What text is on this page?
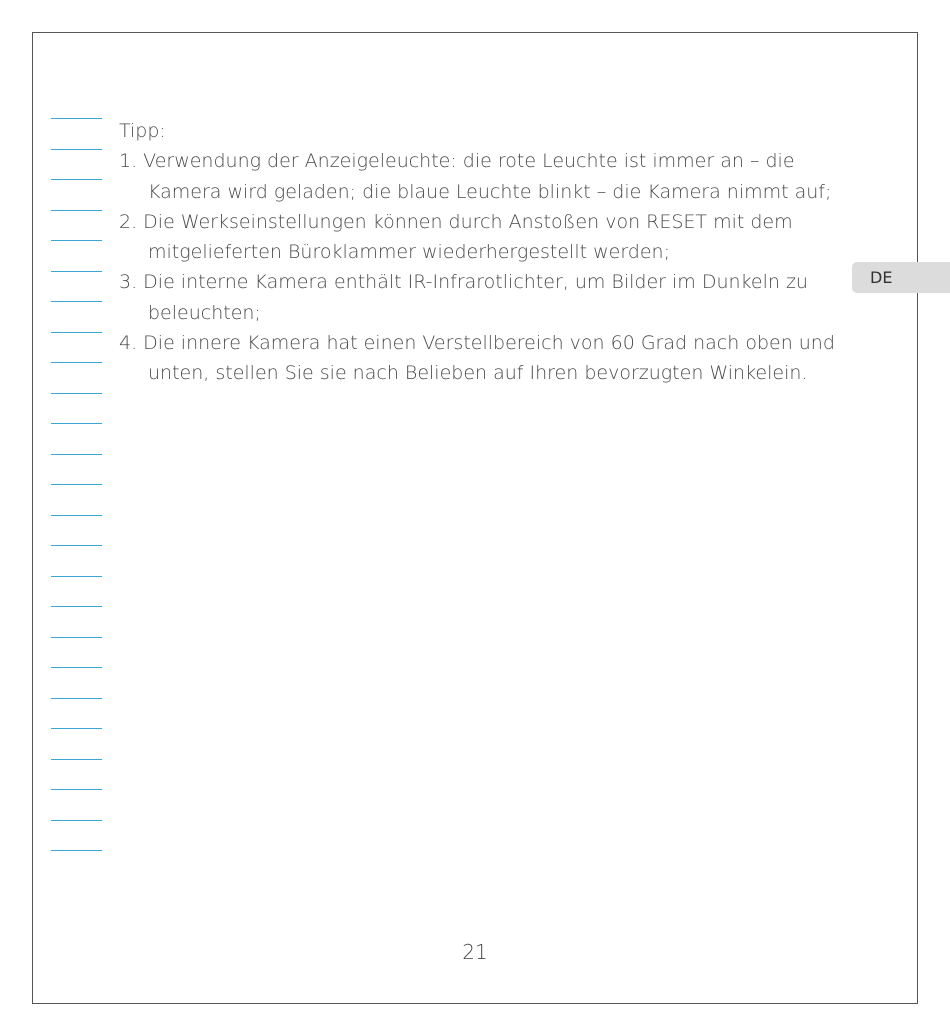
Tipp:

1. Verwendung der Anzeigeleuchte: die rote Leuchte ist immer an – die Kamera wird geladen; die blaue Leuchte blinkt – die Kamera nimmt auf;

2. Die Werkseinstellungen können durch Anstoßen von RESET mit dem mitgelieferten Büroklammer wiederhergestellt werden;

3. Die interne Kamera enthält IR-Infrarotlichter, um Bilder im Dunkeln zu beleuchten;

4. Die innere Kamera hat einen Verstellbereich von 60 Grad nach oben und unten, stellen Sie sie nach Belieben auf Ihren bevorzugten Winkelein.

DE
21
